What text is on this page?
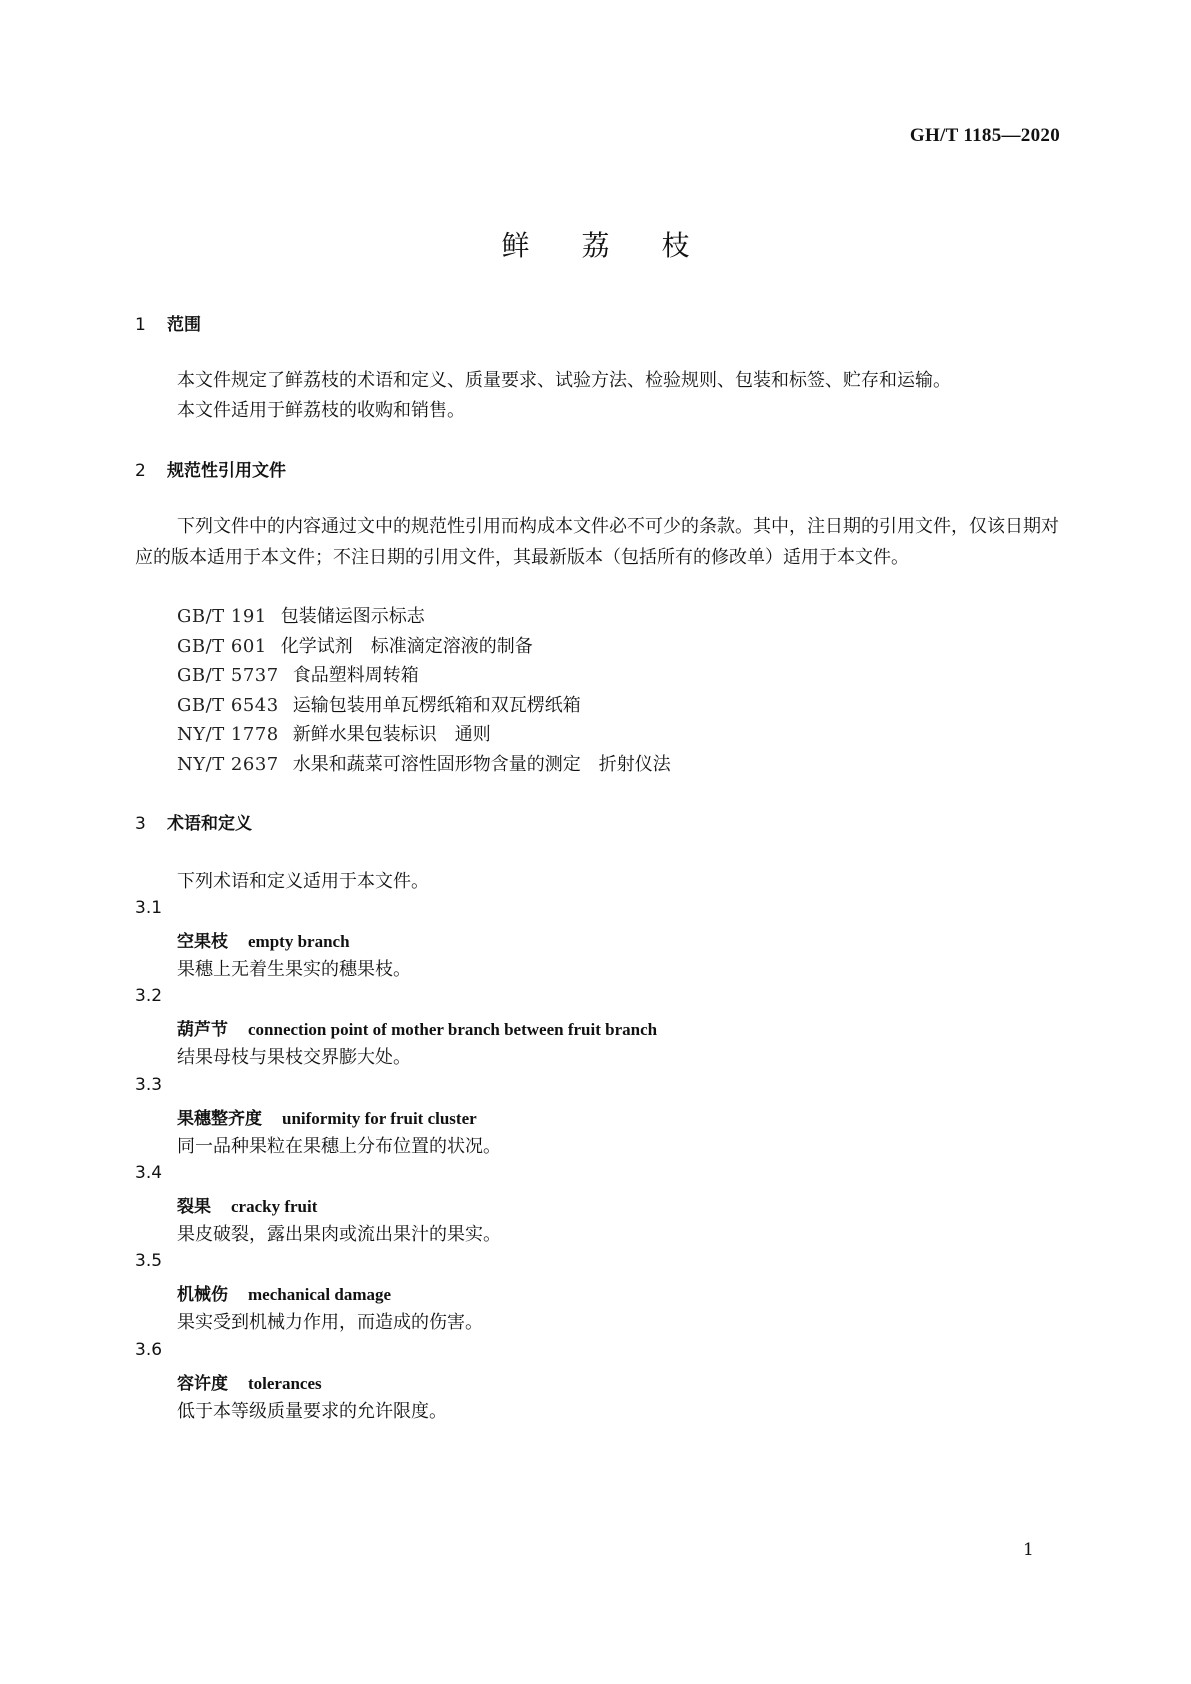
GH/T 1185—2020
鲜荔枝
1 范围
本文件规定了鲜荔枝的术语和定义、质量要求、试验方法、检验规则、包装和标签、贮存和运输。
本文件适用于鲜荔枝的收购和销售。
2 规范性引用文件
下列文件中的内容通过文中的规范性引用而构成本文件必不可少的条款。其中，注日期的引用文件，仅该日期对应的版本适用于本文件；不注日期的引用文件，其最新版本（包括所有的修改单）适用于本文件。
GB/T 191 包装储运图示标志
GB/T 601 化学试剂　标准滴定溶液的制备
GB/T 5737 食品塑料周转箱
GB/T 6543 运输包装用单瓦楞纸箱和双瓦楞纸箱
NY/T 1778 新鲜水果包装标识　通则
NY/T 2637 水果和蔬菜可溶性固形物含量的测定　折射仪法
3 术语和定义
下列术语和定义适用于本文件。
3.1
空果枝 empty branch
果穗上无着生果实的穗果枝。
3.2
葫芦节 connection point of mother branch between fruit branch
结果母枝与果枝交界膨大处。
3.3
果穗整齐度 uniformity for fruit cluster
同一品种果粒在果穗上分布位置的状况。
3.4
裂果 cracky fruit
果皮破裂，露出果肉或流出果汁的果实。
3.5
机械伤 mechanical damage
果实受到机械力作用，而造成的伤害。
3.6
容许度 tolerances
低于本等级质量要求的允许限度。
1
